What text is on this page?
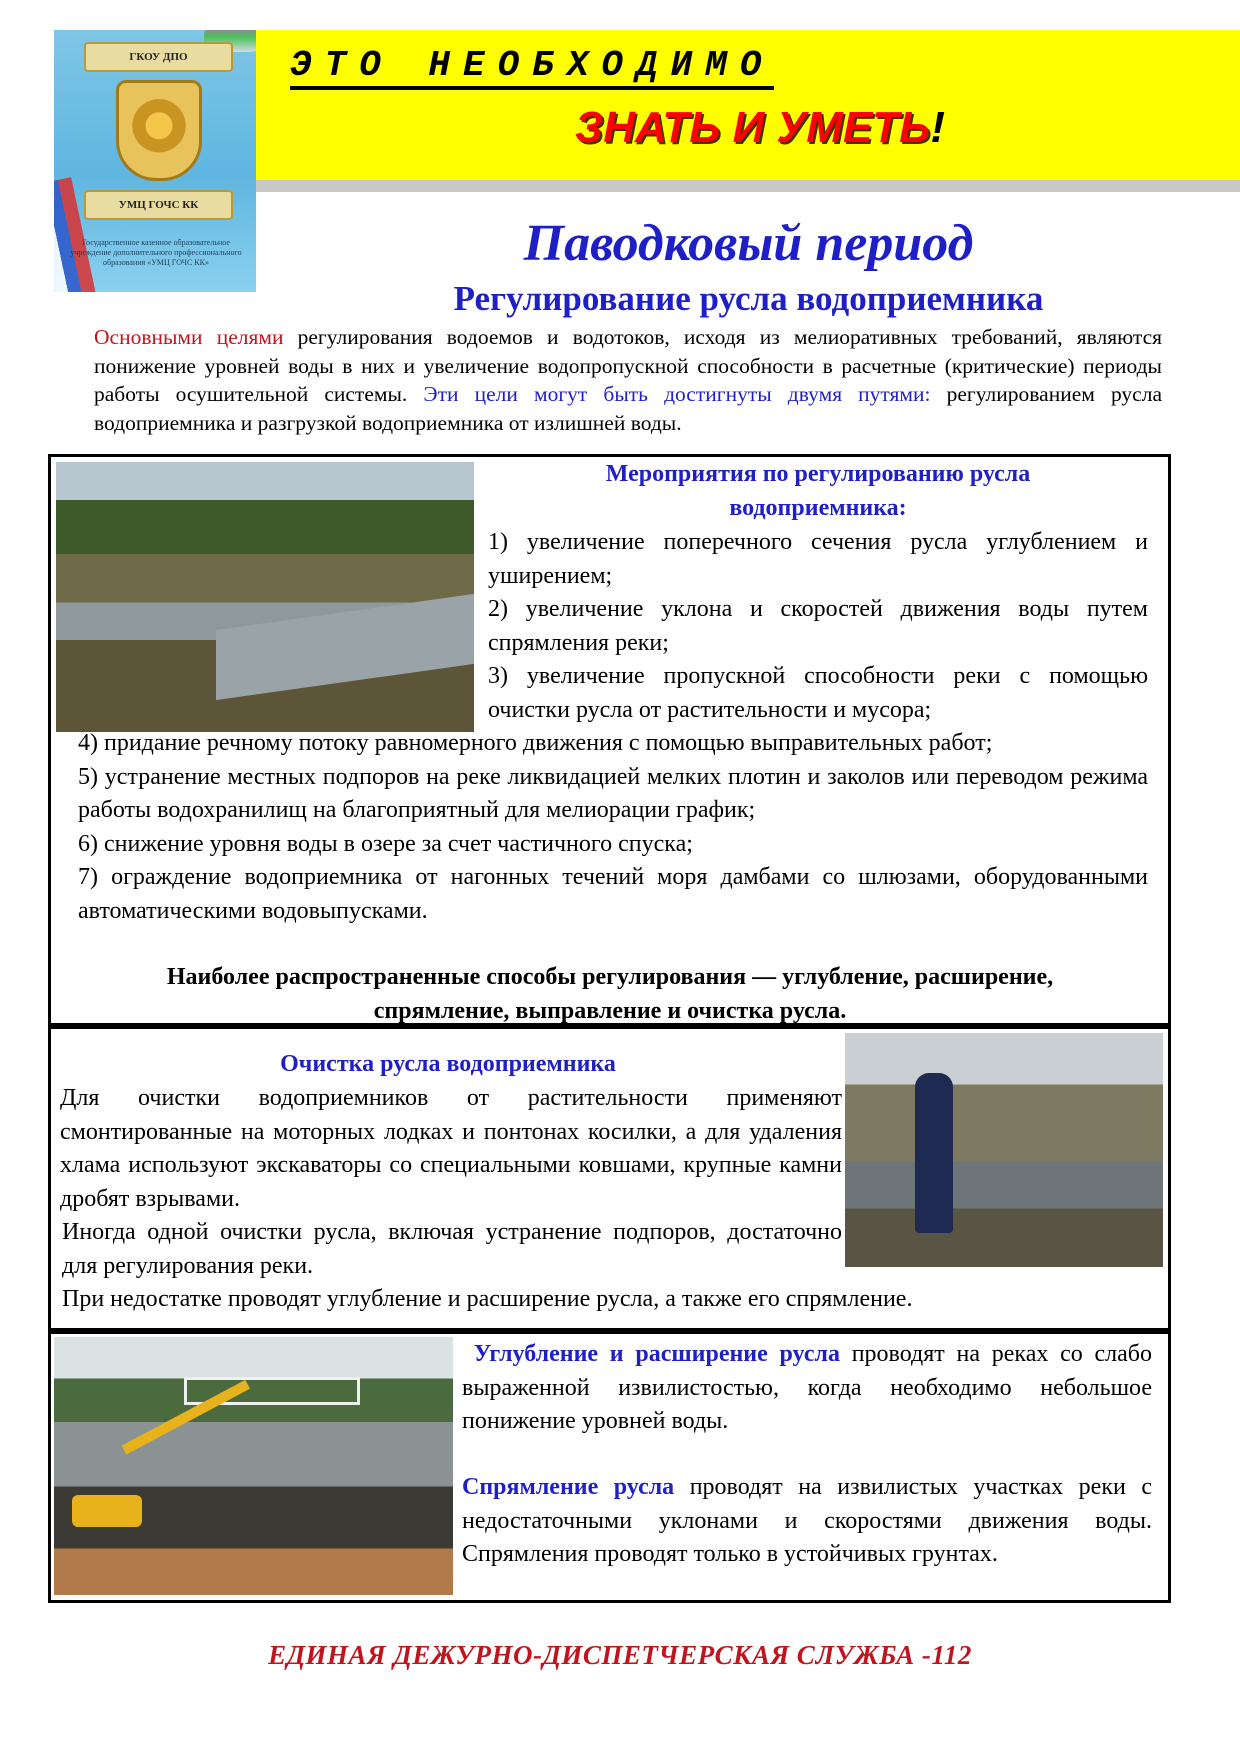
ГКОУ ДПО
УМЦ ГОЧС КК
Государственное казенное образовательное учреждение дополнительного профессионального образования «УМЦ ГОЧС КК»
ЭТО НЕОБХОДИМО
ЗНАТЬ И УМЕТЬ!
Паводковый период
Регулирование русла водоприемника
Основными целями регулирования водоемов и водотоков, исходя из мелиоративных требований, являются понижение уровней воды в них и увеличение водопропускной способности в расчетные (критические) периоды работы осушительной системы. Эти цели могут быть достигнуты двумя путями: регулированием русла водоприемника и разгрузкой водоприемника от излишней воды.
Мероприятия по регулированию русла водоприемника:
1) увеличение поперечного сечения русла углублением и уширением;
2) увеличение уклона и скоростей движения воды путем спрямления реки;
3) увеличение пропускной способности реки с помощью очистки русла от растительности и мусора;
4) придание речному потоку равномерного движения с помощью выправительных работ;
5) устранение местных подпоров на реке ликвидацией мелких плотин и заколов или переводом режима работы водохранилищ на благоприятный для мелиорации график;
6) снижение уровня воды в озере за счет частичного спуска;
7) ограждение водоприемника от нагонных течений моря дамбами со шлюзами, оборудованными автоматическими водовыпусками.
Наиболее распространенные способы регулирования — углубление, расширение, спрямление, выправление и очистка русла.
Очистка русла водоприемника
Для очистки водоприемников от растительности применяют смонтированные на моторных лодках и понтонах косилки, а для удаления хлама используют экскаваторы со специальными ковшами, крупные камни дробят взрывами.
Иногда одной очистки русла, включая устранение подпоров, достаточно для регулирования реки.
При недостатке проводят углубление и расширение русла, а также его спрямление.
Углубление и расширение русла проводят на реках со слабо выраженной извилистостью, когда необходимо небольшое понижение уровней воды.
Спрямление русла проводят на извилистых участках реки с недостаточными уклонами и скоростями движения воды. Спрямления проводят только в устойчивых грунтах.
ЕДИНАЯ ДЕЖУРНО-ДИСПЕТЧЕРСКАЯ СЛУЖБА -112
